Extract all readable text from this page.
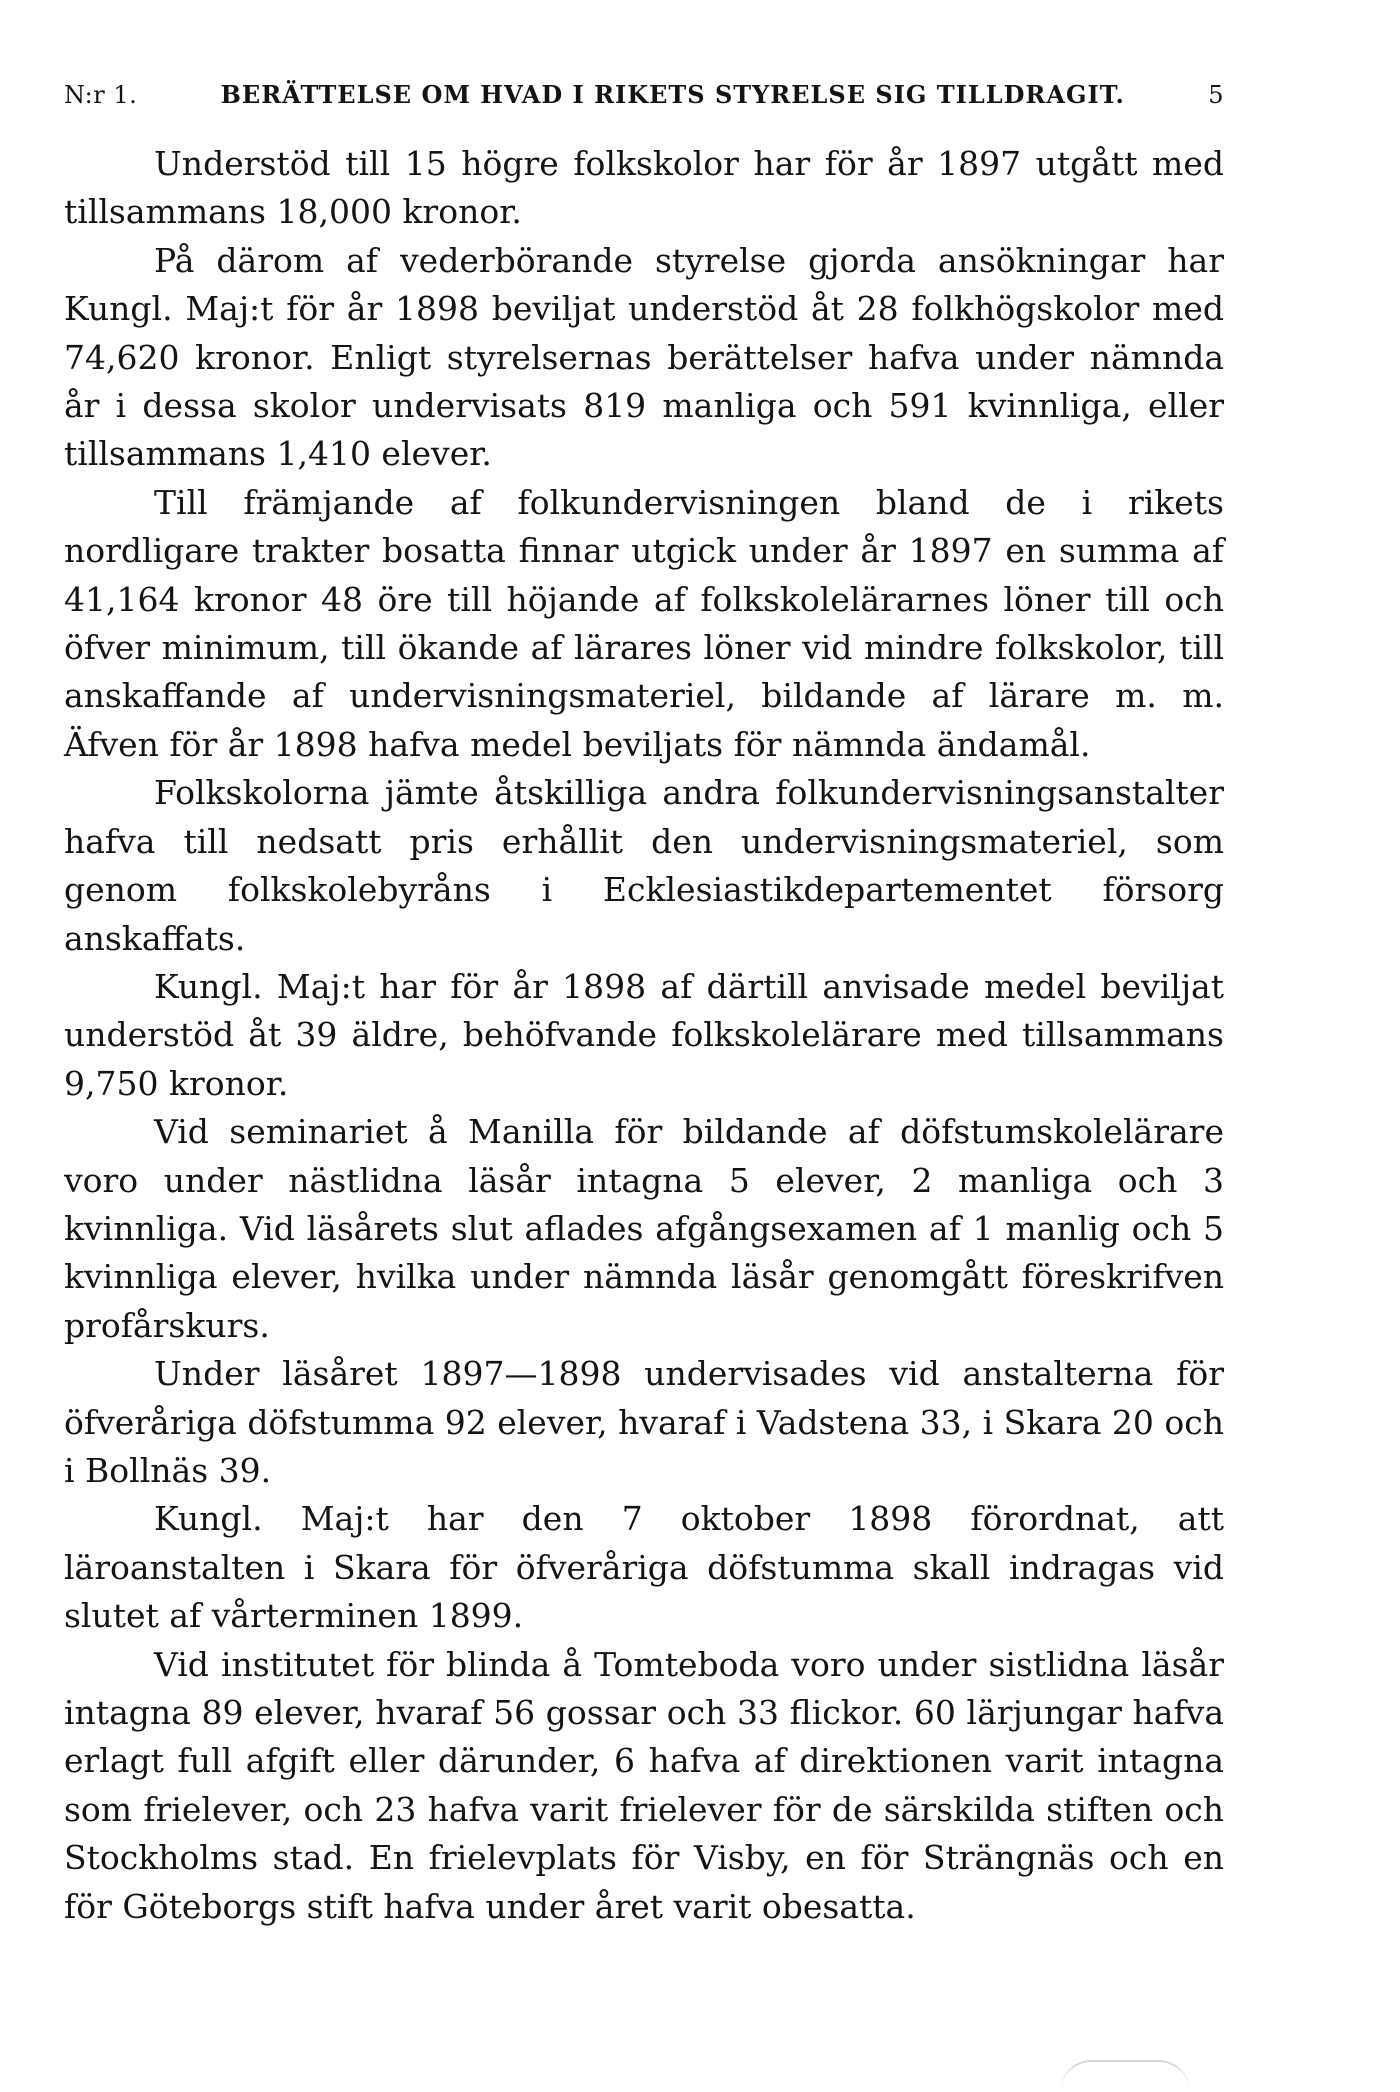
N:r 1.	BERÄTTELSE OM HVAD I RIKETS STYRELSE SIG TILLDRAGIT.	5

Understöd till 15 högre folkskolor har för år 1897 utgått med tillsammans 18,000 kronor.

På därom af vederbörande styrelse gjorda ansökningar har Kungl. Maj:t för år 1898 beviljat understöd åt 28 folkhögskolor med 74,620 kronor. Enligt styrelsernas berättelser hafva under nämnda år i dessa skolor undervisats 819 manliga och 591 kvinnliga, eller tillsammans 1,410 elever.

Till främjande af folkundervisningen bland de i rikets nordligare trakter bosatta finnar utgick under år 1897 en summa af 41,164 kronor 48 öre till höjande af folkskolelärarnes löner till och öfver minimum, till ökande af lärares löner vid mindre folkskolor, till anskaffande af undervisningsmateriel, bildande af lärare m. m. Äfven för år 1898 hafva medel beviljats för nämnda ändamål.

Folkskolorna jämte åtskilliga andra folkundervisningsanstalter hafva till nedsatt pris erhållit den undervisningsmateriel, som genom folkskolebyråns i Ecklesiastikdepartementet försorg anskaffats.

Kungl. Maj:t har för år 1898 af därtill anvisade medel beviljat understöd åt 39 äldre, behöfvande folkskolelärare med tillsammans 9,750 kronor.

Vid seminariet å Manilla för bildande af döfstumskolelärare voro under nästlidna läsår intagna 5 elever, 2 manliga och 3 kvinnliga. Vid läsårets slut aflades afgångsexamen af 1 manlig och 5 kvinnliga elever, hvilka under nämnda läsår genomgått föreskrifven profårskurs.

Under läsåret 1897—1898 undervisades vid anstalterna för öfveråriga döfstumma 92 elever, hvaraf i Vadstena 33, i Skara 20 och i Bollnäs 39.

Kungl. Maj:t har den 7 oktober 1898 förordnat, att läroanstalten i Skara för öfveråriga döfstumma skall indragas vid slutet af vårterminen 1899.

Vid institutet för blinda å Tomteboda voro under sistlidna läsår intagna 89 elever, hvaraf 56 gossar och 33 flickor. 60 lärjungar hafva erlagt full afgift eller därunder, 6 hafva af direktionen varit intagna som frielever, och 23 hafva varit frielever för de särskilda stiften och Stockholms stad. En frielevplats för Visby, en för Strängnäs och en för Göteborgs stift hafva under året varit obesatta.
